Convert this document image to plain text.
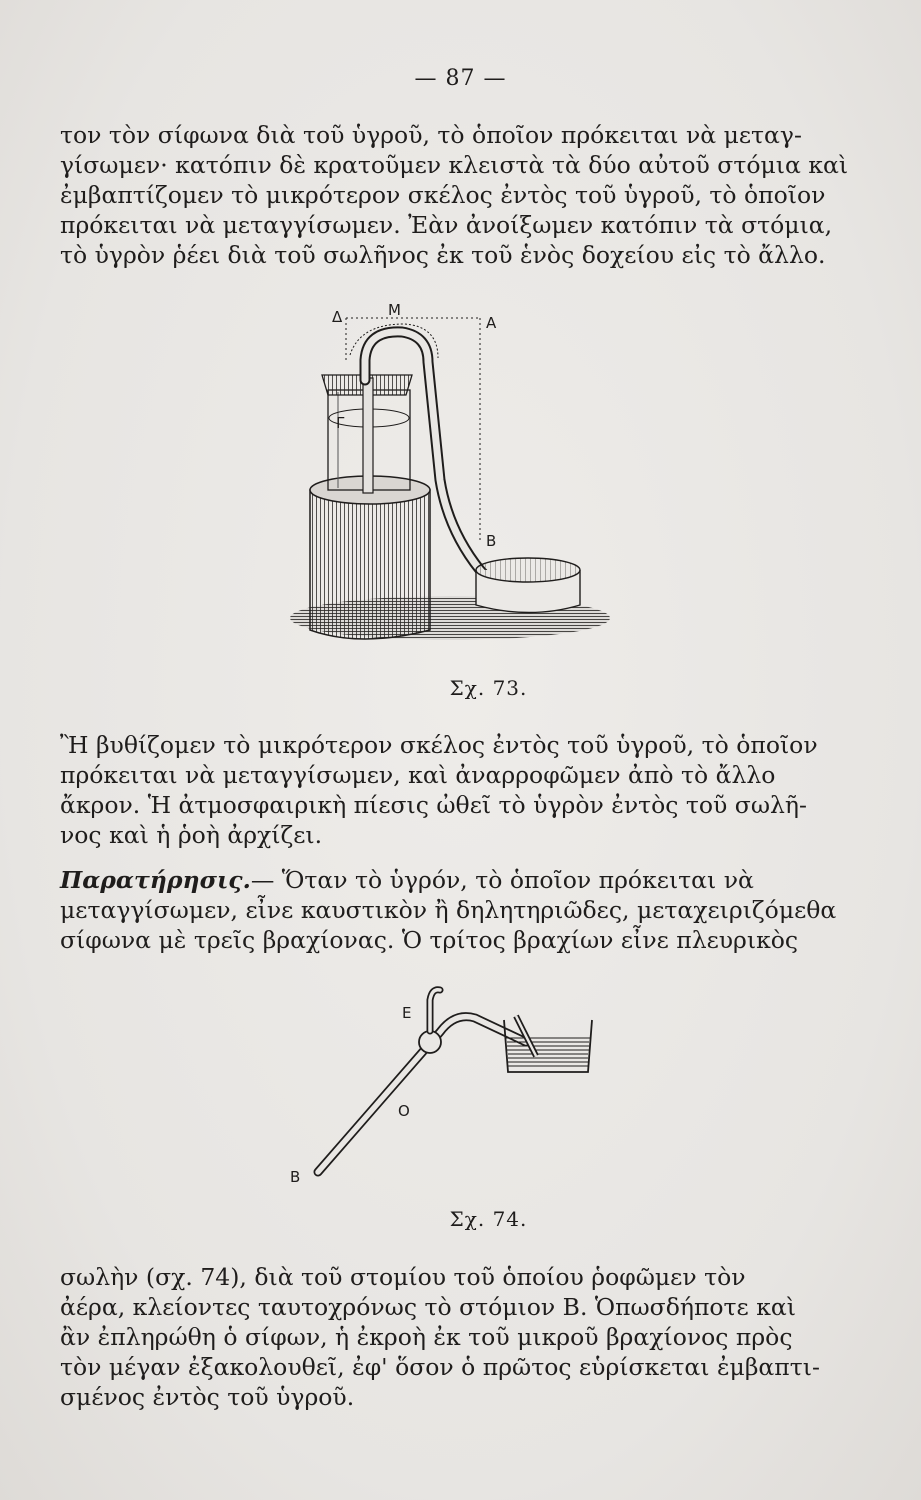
— 87 —

τον τὸν σίφωνα διὰ τοῦ ὑγροῦ, τὸ ὁποῖον πρόκειται νὰ μεταγ-
γίσωμεν· κατόπιν δὲ κρατοῦμεν κλειστὰ τὰ δύο αὐτοῦ στόμια καὶ
ἐμβαπτίζομεν τὸ μικρότερον σκέλος ἐντὸς τοῦ ὑγροῦ, τὸ ὁποῖον
πρόκειται νὰ μεταγγίσωμεν. Ἐὰν ἀνοίξωμεν κατόπιν τὰ στόμια,
τὸ ὑγρὸν ῥέει διὰ τοῦ σωλῆνος ἐκ τοῦ ἑνὸς δοχείου εἰς τὸ ἄλλο.

Δ	Μ
Α
Γ
Β
Σχ. 73.

Ἢ βυθίζομεν τὸ μικρότερον σκέλος ἐντὸς τοῦ ὑγροῦ, τὸ ὁποῖον
πρόκειται νὰ μεταγγίσωμεν, καὶ ἀναρροφῶμεν ἀπὸ τὸ ἄλλο
ἄκρον. Ἡ ἀτμοσφαιρικὴ πίεσις ὠθεῖ τὸ ὑγρὸν ἐντὸς τοῦ σωλῆ-
νος καὶ ἡ ῥοὴ ἀρχίζει.

Παρατήρησις.— Ὅταν τὸ ὑγρόν, τὸ ὁποῖον πρόκειται νὰ
μεταγγίσωμεν, εἶνε καυστικὸν ἢ δηλητηριῶδες, μεταχειριζόμεθα
σίφωνα μὲ τρεῖς βραχίονας. Ὁ τρίτος βραχίων εἶνε πλευρικὸς

Ε
Ο
Β
Σχ. 74.

σωλὴν (σχ. 74), διὰ τοῦ στομίου τοῦ ὁποίου ῥοφῶμεν τὸν
ἀέρα, κλείοντες ταυτοχρόνως τὸ στόμιον Β. Ὁπωσδήποτε καὶ
ἂν ἐπληρώθη ὁ σίφων, ἡ ἐκροὴ ἐκ τοῦ μικροῦ βραχίονος πρὸς
τὸν μέγαν ἐξακολουθεῖ, ἐφ' ὅσον ὁ πρῶτος εὑρίσκεται ἐμβαπτι-
σμένος ἐντὸς τοῦ ὑγροῦ.
